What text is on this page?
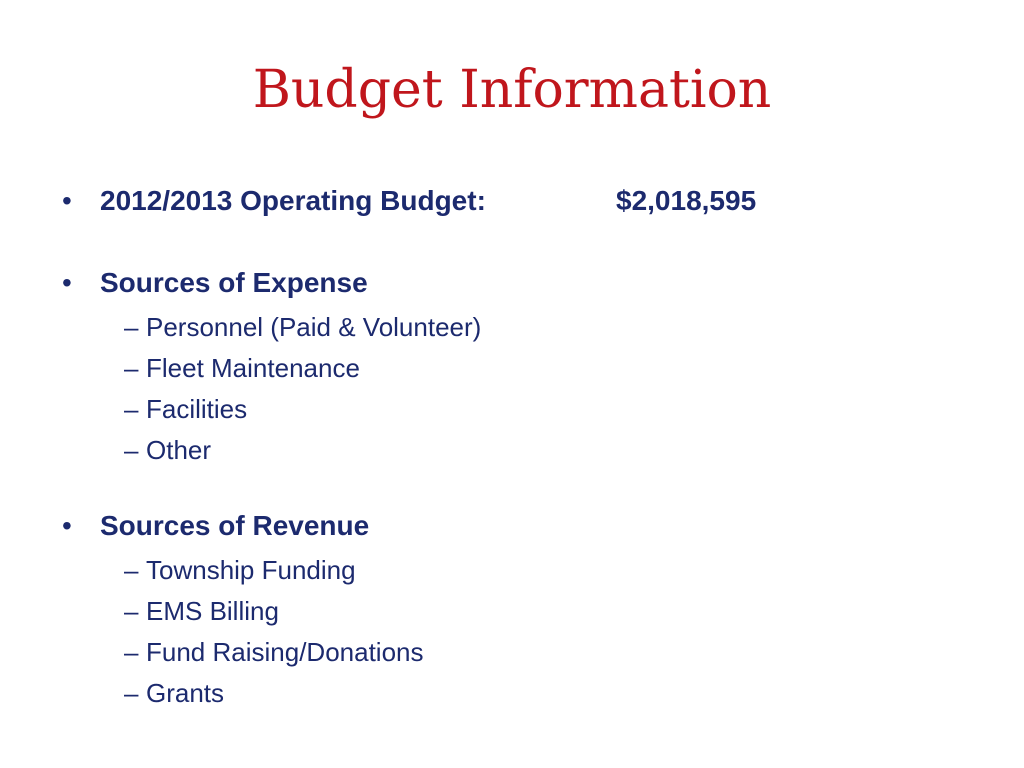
Budget Information
• 2012/2013 Operating Budget:	$2,018,595
• Sources of Expense
– Personnel (Paid & Volunteer)
– Fleet Maintenance
– Facilities
– Other
• Sources of Revenue
– Township Funding
– EMS Billing
– Fund Raising/Donations
– Grants
